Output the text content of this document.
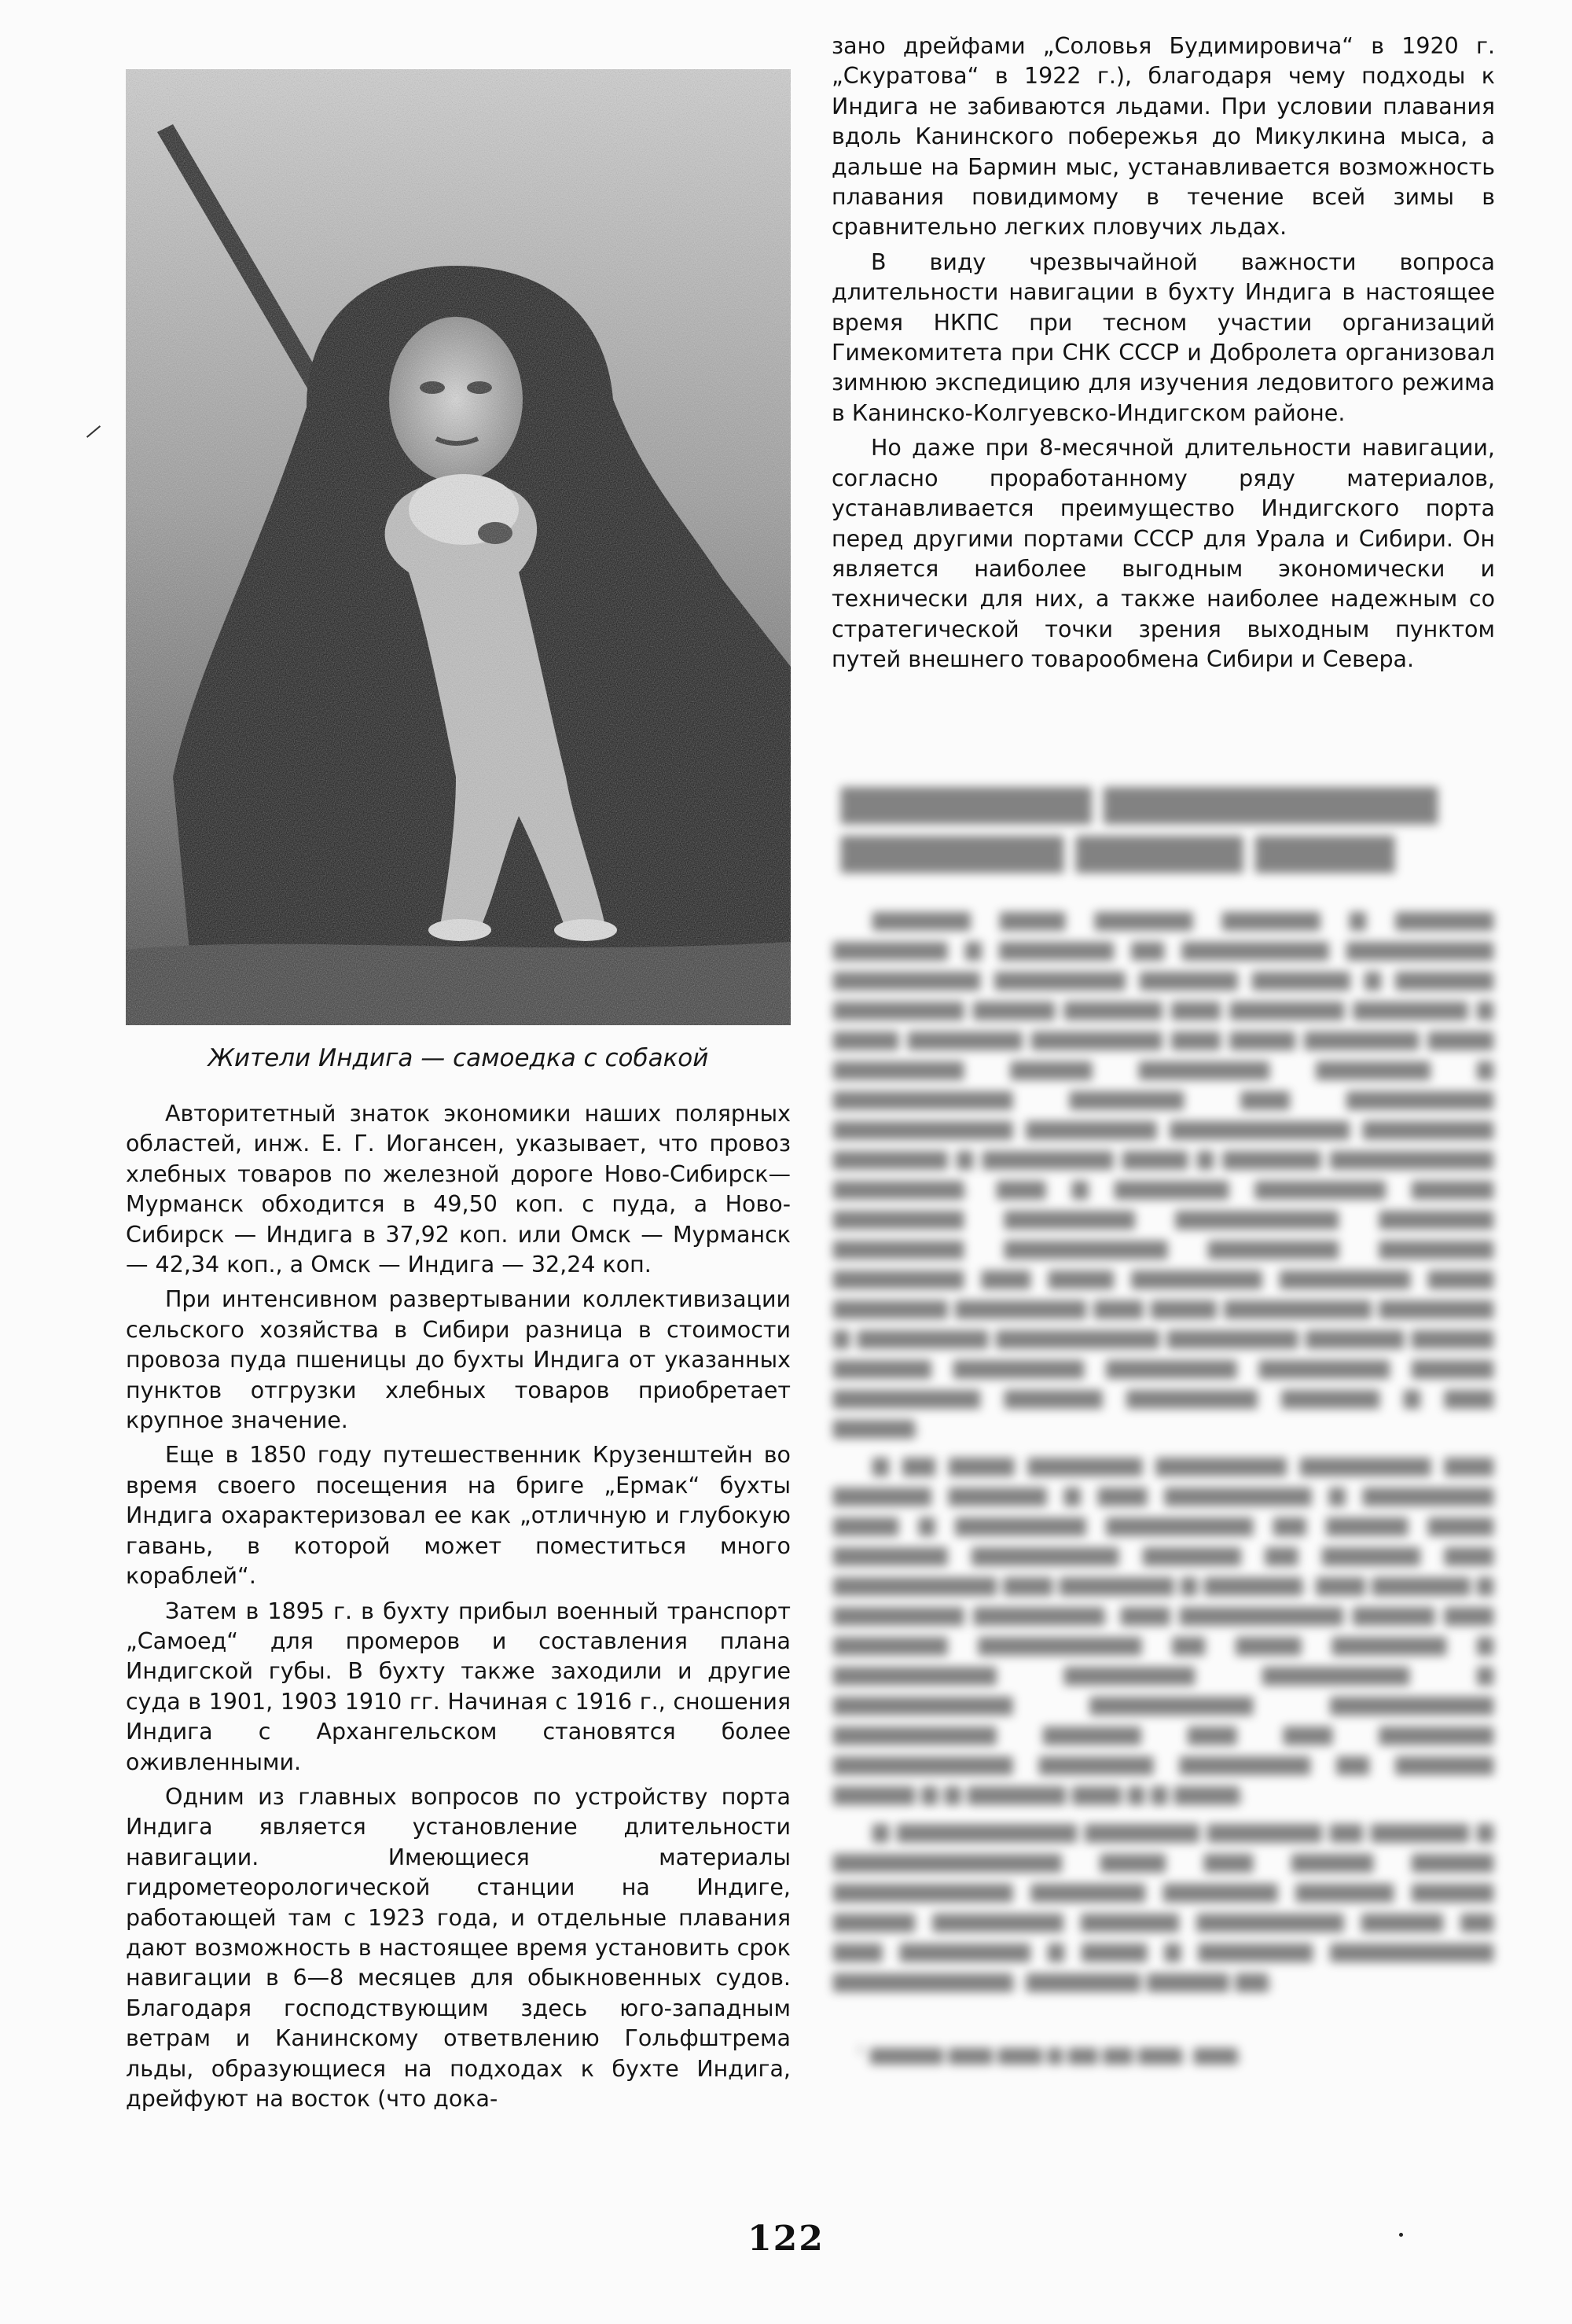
Жители Индига — самоедка с собакой

Авторитетный знаток экономики наших полярных областей, инж. Е. Г. Иогансен, указывает, что провоз хлебных товаров по железной дороге Ново-Сибирск—Мурманск обходится в 49,50 коп. с пуда, а Ново-Сибирск — Индига в 37,92 коп. или Омск — Мурманск — 42,34 коп., а Омск — Индига — 32,24 коп.

При интенсивном развертывании коллективизации сельского хозяйства в Сибири разница в стоимости провоза пуда пшеницы до бухты Индига от указанных пунктов отгрузки хлебных товаров приобретает крупное значение.

Еще в 1850 году путешественник Крузенштейн во время своего посещения на бриге „Ермак“ бухты Индига охарактеризовал ее как „отличную и глубокую гавань, в которой может поместиться много кораблей“.

Затем в 1895 г. в бухту прибыл военный транспорт „Самоед“ для промеров и составления плана Индигской губы. В бухту также заходили и другие суда в 1901, 1903 1910 гг. Начиная с 1916 г., сношения Индига с Архангельском становятся более оживленными.

Одним из главных вопросов по устройству порта Индига является установление длительности навигации. Имеющиеся материалы гидрометеорологической станции на Индиге, работающей там с 1923 года, и отдельные плавания дают возможность в настоящее время установить срок навигации в 6—8 месяцев для обыкновенных судов. Благодаря господствующим здесь юго-западным ветрам и Канинскому ответвлению Гольфштрема льды, образующиеся на подходах к бухте Индига, дрейфуют на восток (что дока-

зано дрейфами „Соловья Будимировича“ в 1920 г. „Скуратова“ в 1922 г.), благодаря чему подходы к Индига не забиваются льдами. При условии плавания вдоль Канинского побережья до Микулкина мыса, а дальше на Бармин мыс, устанавливается возможность плавания повидимому в течение всей зимы в сравнительно легких пловучих льдах.

В виду чрезвычайной важности вопроса длительности навигации в бухту Индига в настоящее время НКПС при тесном участии организаций Гимекомитета при СНК СССР и Добролета организовал зимнюю экспедицию для изучения ледовитого режима в Канинско-Колгуевско-Индигском районе.

Но даже при 8-месячной длительности навигации, согласно проработанному ряду материалов, устанавливается преимущество Индигского порта перед другими портами СССР для Урала и Сибири. Он является наиболее выгодным экономически и технически для них, а также наиболее надежным со стратегической точки зрения выходным пунктом путей внешнего товарообмена Сибири и Севера.

▇▇▇▇▇▇▇▇▇ ▇▇▇▇▇▇▇▇▇▇▇▇
▇▇▇▇▇▇▇▇ ▇▇▇▇▇▇ ▇▇▇▇▇
▆▆▆▆▆▆ ▆▆▆▆ ▆▆▆▆▆▆ ▆▆▆▆▆▆ ▆ ▆▆▆▆▆▆ ▆▆▆▆▆▆▆ ▆ ▆▆▆▆▆▆▆ ▆▆ ▆▆▆▆▆▆▆▆▆ ▆▆▆▆▆▆▆▆▆ ▆▆▆▆▆▆▆▆▆ ▆▆▆▆▆▆▆▆ ▆▆▆▆▆▆ ▆▆▆▆▆▆ ▆ ▆▆▆▆▆▆ ▆▆▆▆▆▆▆▆ ▆▆▆▆▆ ▆▆▆▆▆▆ ▆▆▆ ▆▆▆▆▆▆▆ ▆▆▆▆▆▆▆ ▆ ▆▆▆▆ ▆▆▆▆▆▆▆ ▆▆▆▆▆▆▆▆ ▆▆▆ ▆▆▆▆ ▆▆▆▆▆▆▆ ▆▆▆▆ ▆▆▆▆▆▆▆▆ ▆▆▆▆▆ ▆▆▆▆▆▆▆▆ ▆▆▆▆▆▆▆ ▆ ▆▆▆▆▆▆▆▆▆▆▆ ▆▆▆▆▆▆▆ ▆▆▆ ▆▆▆▆▆▆▆▆▆ ▆▆▆▆▆▆▆▆▆▆▆ ▆▆▆▆▆▆▆▆ ▆▆▆▆▆▆▆▆▆▆▆ ▆▆▆▆▆▆▆▆ ▆▆▆▆▆▆▆ ▆ ▆▆▆▆▆▆▆▆ ▆▆▆▆ ▆ ▆▆▆▆▆▆ ▆▆▆▆▆▆▆▆▆▆ ▆▆▆▆▆▆▆▆. ▆▆▆ ▆ ▆▆▆▆▆▆▆ ▆▆▆▆▆▆▆▆ ▆▆▆▆▆ ▆▆▆▆▆▆▆▆ ▆▆▆▆▆▆▆▆ ▆▆▆▆▆▆▆▆▆▆ ▆▆▆▆▆▆▆ ▆▆▆▆▆▆▆▆ ▆▆▆▆▆▆▆▆▆▆ ▆▆▆▆▆▆▆▆ ▆▆▆▆▆▆▆ ▆▆▆▆▆▆▆▆ ▆▆▆ ▆▆▆▆ ▆▆▆▆▆▆▆▆ ▆▆▆▆▆▆▆▆ ▆▆▆▆ ▆▆▆▆▆▆▆ ▆▆▆▆▆▆▆▆ ▆▆▆ ▆▆▆▆ ▆▆▆▆▆▆▆▆▆ ▆▆▆▆▆▆▆ ▆ ▆▆▆▆▆▆▆▆ ▆▆▆▆▆▆▆▆▆▆ ▆▆▆▆▆▆▆▆ ▆▆▆▆▆▆ ▆▆▆▆▆ ▆▆▆▆▆▆ ▆▆▆▆▆▆▆▆ ▆▆▆▆▆▆▆▆ ▆▆▆▆▆▆▆▆ ▆▆▆▆▆ ▆▆▆▆▆▆▆▆▆ ▆▆▆▆▆▆ ▆▆▆▆▆▆▆▆ ▆▆▆▆▆▆ ▆ ▆▆▆ ▆▆▆▆▆.
▆ ▆▆ ▆▆▆▆ ▆▆▆▆▆▆▆ ▆▆▆▆▆▆▆▆ ▆▆▆▆▆▆▆▆ ▆▆▆ ▆▆▆▆▆▆ ▆▆▆▆▆▆ ▆ ▆▆▆ ▆▆▆▆▆▆▆▆▆ ▆ ▆▆▆▆▆▆▆▆ ▆▆▆▆ ▆ ▆▆▆▆▆▆▆▆ ▆▆▆▆▆▆▆▆▆ ▆▆ ▆▆▆▆▆ ▆▆▆▆ ▆▆▆▆▆▆▆ ▆▆▆▆▆▆▆▆▆ ▆▆▆▆▆▆ ▆▆ ▆▆▆▆▆▆ ▆▆▆ ▆▆▆▆▆▆▆▆▆▆ ▆▆▆ ▆▆▆▆▆▆▆ ▆ ▆▆▆▆▆▆. ▆▆▆ ▆▆▆▆▆▆ ▆ ▆▆▆▆▆▆▆▆ ▆▆▆▆▆▆▆▆. ▆▆▆ ▆▆▆▆▆▆▆▆▆▆ ▆▆▆▆▆ ▆▆▆ ▆▆▆▆▆▆▆ ▆▆▆▆▆▆▆▆▆▆ ▆▆ ▆▆▆▆ ▆▆▆▆▆▆▆ ▆ ▆▆▆▆▆▆▆▆▆▆ ▆▆▆▆▆▆▆▆ ▆▆▆▆▆▆▆▆▆ ▆ ▆▆▆▆▆▆▆▆▆▆▆ ▆▆▆▆▆▆▆▆▆▆ ▆▆▆▆▆▆▆▆▆▆ ▆▆▆▆▆▆▆▆▆▆ ▆▆▆▆▆▆ ▆▆▆ ▆▆▆ ▆▆▆▆▆▆▆ ▆▆▆▆▆▆▆▆▆▆▆ ▆▆▆▆▆▆▆ ▆▆▆▆▆▆▆▆ ▆▆ ▆▆▆▆▆▆ ▆▆▆▆▆ ▆ ▆ ▆▆▆▆▆▆ ▆▆▆ ▆ ▆ ▆▆▆▆.
▆ ▆▆▆▆▆▆▆▆▆▆▆ ▆▆▆▆▆▆▆ ▆▆▆▆▆▆▆ ▆▆ ▆▆▆▆▆▆ ▆ ▆▆▆▆▆▆▆▆▆▆▆▆▆▆ ▆▆▆▆ ▆▆▆ ▆▆▆▆▆ ▆▆▆▆▆ ▆▆▆▆▆▆▆▆▆▆▆ ▆▆▆▆▆▆▆ ▆▆▆▆▆▆▆ ▆▆▆▆▆▆ ▆▆▆▆▆ ▆▆▆▆▆ ▆▆▆▆▆▆▆▆ ▆▆▆▆▆▆ ▆▆▆▆▆▆▆▆▆ ▆▆▆▆▆ ▆▆ ▆▆▆ ▆▆▆▆▆▆▆▆ ▆ ▆▆▆▆ ▆ ▆▆▆▆▆▆▆ ▆▆▆▆▆▆▆▆▆▆ ▆▆▆▆▆▆▆▆▆▆▆. ▆▆▆▆▆▆▆ ▆▆▆▆▆ ▆▆.
¹ ▆▆▆▆▆ ▆▆▆ ▆▆▆ ▆ ▆▆ ▆▆ ▆▆▆. ▆▆▆.
122
